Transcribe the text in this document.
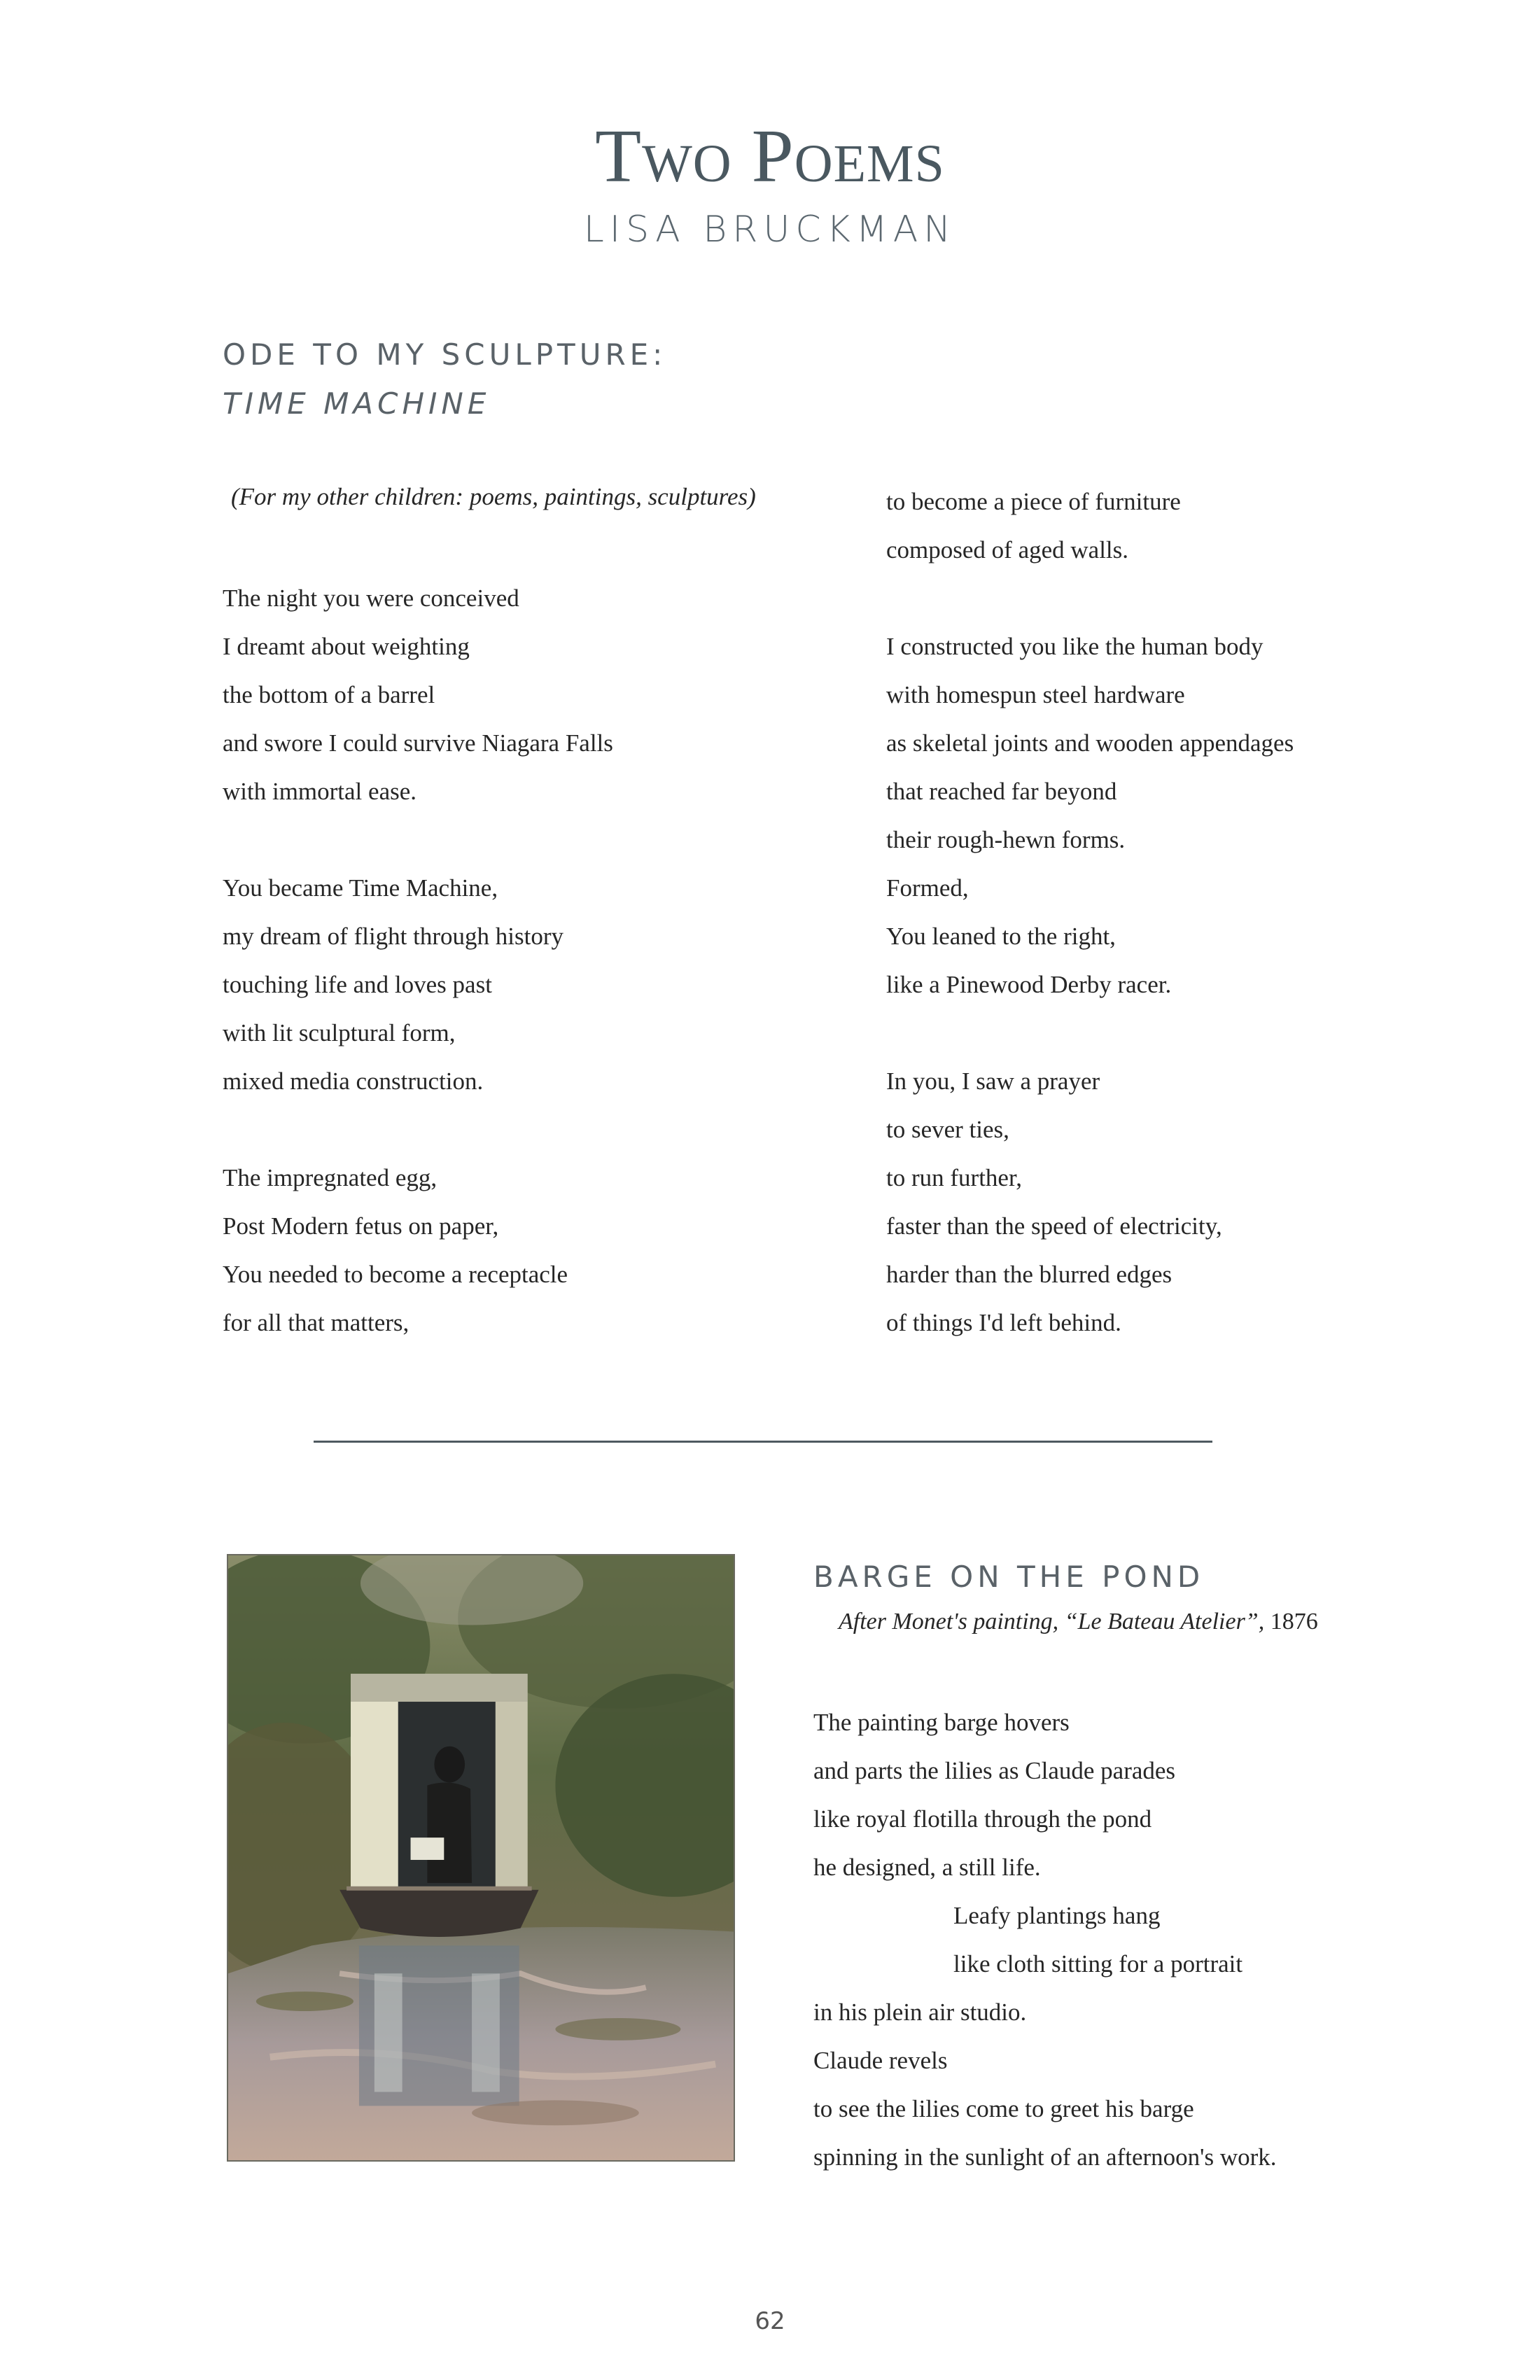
Two Poems
LISA BRUCKMAN
ODE TO MY SCULPTURE:
TIME MACHINE
(For my other children: poems, paintings, sculptures)
The night you were conceived
I dreamt about weighting
the bottom of a barrel
and swore I could survive Niagara Falls
with immortal ease.
You became Time Machine,
my dream of flight through history
touching life and loves past
with lit sculptural form,
mixed media construction.
The impregnated egg,
Post Modern fetus on paper,
You needed to become a receptacle
for all that matters,
to become a piece of furniture
composed of aged walls.
I constructed you like the human body
with homespun steel hardware
as skeletal joints and wooden appendages
that reached far beyond
their rough-hewn forms.
Formed,
You leaned to the right,
like a Pinewood Derby racer.
In you, I saw a prayer
to sever ties,
to run further,
faster than the speed of electricity,
harder than the blurred edges
of things I'd left behind.
BARGE ON THE POND
After Monet's painting, “Le Bateau Atelier”, 1876
The painting barge hovers
and parts the lilies as Claude parades
like royal flotilla through the pond
he designed, a still life.
Leafy plantings hang
like cloth sitting for a portrait
in his plein air studio.
Claude revels
to see the lilies come to greet his barge
spinning in the sunlight of an afternoon's work.
62
